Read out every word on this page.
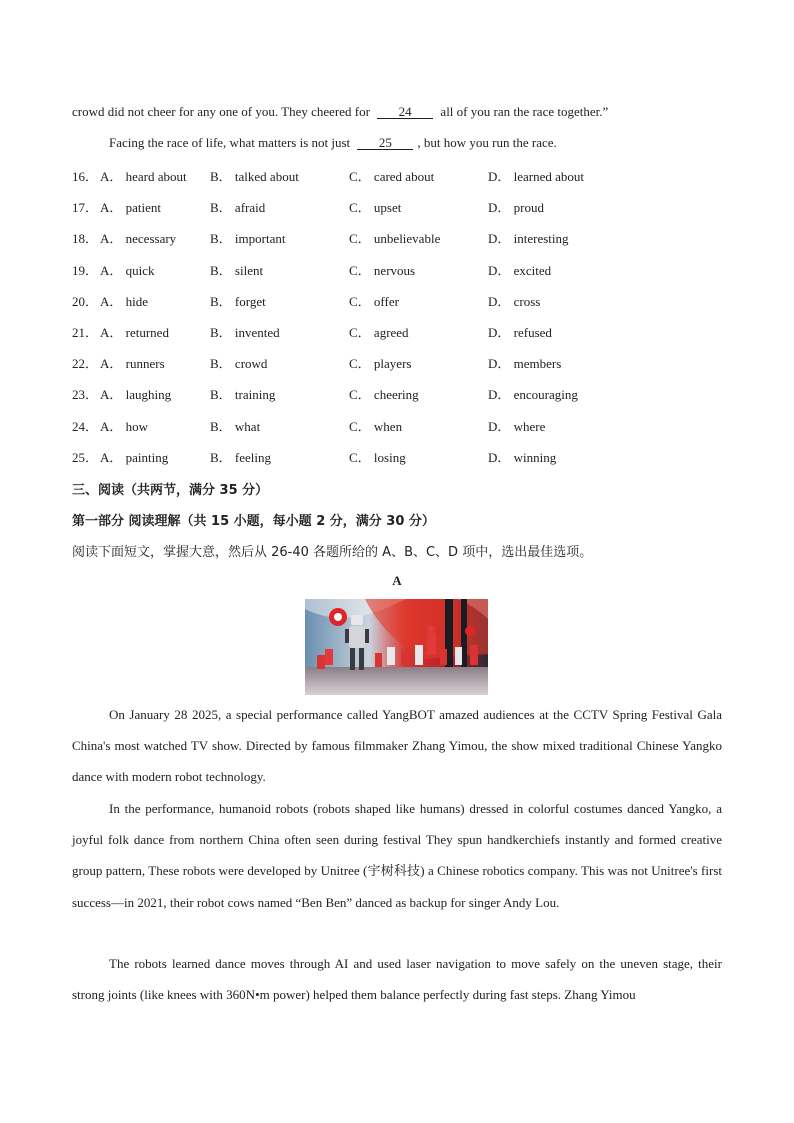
crowd did not cheer for any one of you. They cheered for 24 all of you ran the race together.”
Facing the race of life, what matters is not just 25 , but how you run the race.
16． A． heard about B． talked about	C． cared about	D． learned about
17． A． patient	B． afraid	C． upset	D． proud
18． A． necessary	B． important	C． unbelievable	D． interesting
19． A． quick	B． silent	C． nervous	D． excited
20． A． hide	B． forget	C． offer	D． cross
21． A． returned	B． invented	C． agreed	D． refused
22． A． runners	B． crowd	C． players	D． members
23． A． laughing	B． training	C． cheering	D． encouraging
24． A． how	B． what	C． when	D． where
25． A． painting	B． feeling	C． losing	D． winning
三、阅读（共两节，满分 35 分）
第一部分 阅读理解（共 15 小题，每小题 2 分，满分 30 分）
阅读下面短文，掌握大意，然后从 26-40 各题所给的 A、B、C、D 项中，选出最佳选项。
A
On January 28 2025, a special performance called YangBOT amazed audiences at the CCTV Spring Festival Gala China's most watched TV show. Directed by famous filmmaker Zhang Yimou, the show mixed traditional Chinese Yangko dance with modern robot technology.
In the performance, humanoid robots (robots shaped like humans) dressed in colorful costumes danced Yangko, a joyful folk dance from northern China often seen during festival They spun handkerchiefs instantly and formed creative group pattern, These robots were developed by Unitree (宇树科技) a Chinese robotics company. This was not Unitree's first success—in 2021, their robot cows named “Ben Ben” danced as backup for singer Andy Lou.
The robots learned dance moves through AI and used laser navigation to move safely on the uneven stage, their strong joints (like knees with 360N•m power) helped them balance perfectly during fast steps. Zhang Yimou
